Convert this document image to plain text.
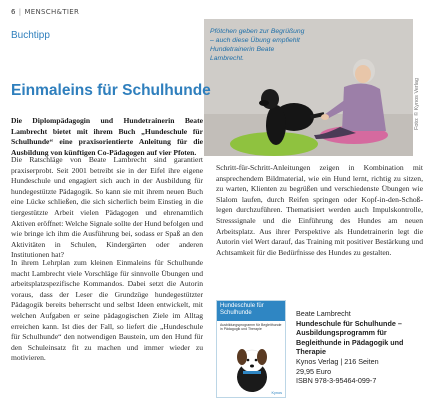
6 | MENSCH&TIER
Buchtipp	Pfötchen geben zur Begrüßung – auch diese Übung empfiehlt Hundetrainerin Beate Lambrecht.
Foto: © Kynos Verlag
Einmaleins für Schulhunde
Die Diplompädagogin und Hundetrainerin Beate Lambrecht bietet mit ihrem Buch „Hundeschule für Schulhunde“ eine praxisorientierte Anleitung für die Ausbildung von künftigen Co-Pädagogen auf vier Pfoten.
Die Ratschläge von Beate Lambrecht sind garantiert praxiserprobt. Seit 2001 betreibt sie in der Eifel ihre eigene Hundeschule und engagiert sich auch in der Ausbildung für hundegestützte Pädagogik. So kann sie mit ihrem neuen Buch eine Lücke schließen, die sich sicherlich beim Einstieg in die tiergestützte Arbeit vielen Pädagogen und ehrenamtlich Aktiven eröffnet: Welche Signale sollte der Hund befolgen und wie bringe ich ihm die Ausführung bei, sodass er Spaß an den Aktivitäten in Schulen, Kindergärten oder anderen Institutionen hat?
In ihrem Lehrplan zum kleinen Einmaleins für Schulhunde macht Lambrecht viele Vorschläge für sinnvolle Übungen und arbeitsplatzspezifische Kommandos. Dabei setzt die Autorin voraus, dass der Leser die Grundzüge hundegestützter Pädagogik bereits beherrscht und selbst Ideen entwickelt, mit welchen Aufgaben er seine pädagogischen Ziele im Alltag erreichen kann. Ist dies der Fall, so liefert die „Hundeschule für Schulhunde“ den notwendigen Baustein, um den Hund für den Schuleinsatz fit zu machen und immer wieder zu motivieren.
Schritt-für-Schritt-Anleitungen zeigen in Kombination mit ansprechendem Bildmaterial, wie ein Hund lernt, richtig zu sitzen, zu warten, Klienten zu begrüßen und verschiedenste Übungen wie Slalom laufen, durch Reifen springen oder Kopf-in-den-Schoß-legen durchzuführen. Thematisiert werden auch Impulskontrolle, Stresssignale und die Einführung des Hundes am neuen Arbeitsplatz. Aus ihrer Perspektive als Hundetrainerin legt die Autorin viel Wert darauf, das Training mit positiver Bestärkung und Achtsamkeit für die Bedürfnisse des Hundes zu gestalten.
Hundeschule für Schulhunde
Ausbildungsprogramm für Begleithunde in Pädagogik und Therapie
Kynos
Beate Lambrecht
Hundeschule für Schulhunde – Ausbildungsprogramm für Begleithunde in Pädagogik und Therapie
Kynos Verlag | 216 Seiten
29,95 Euro
ISBN 978-3-95464-099-7
